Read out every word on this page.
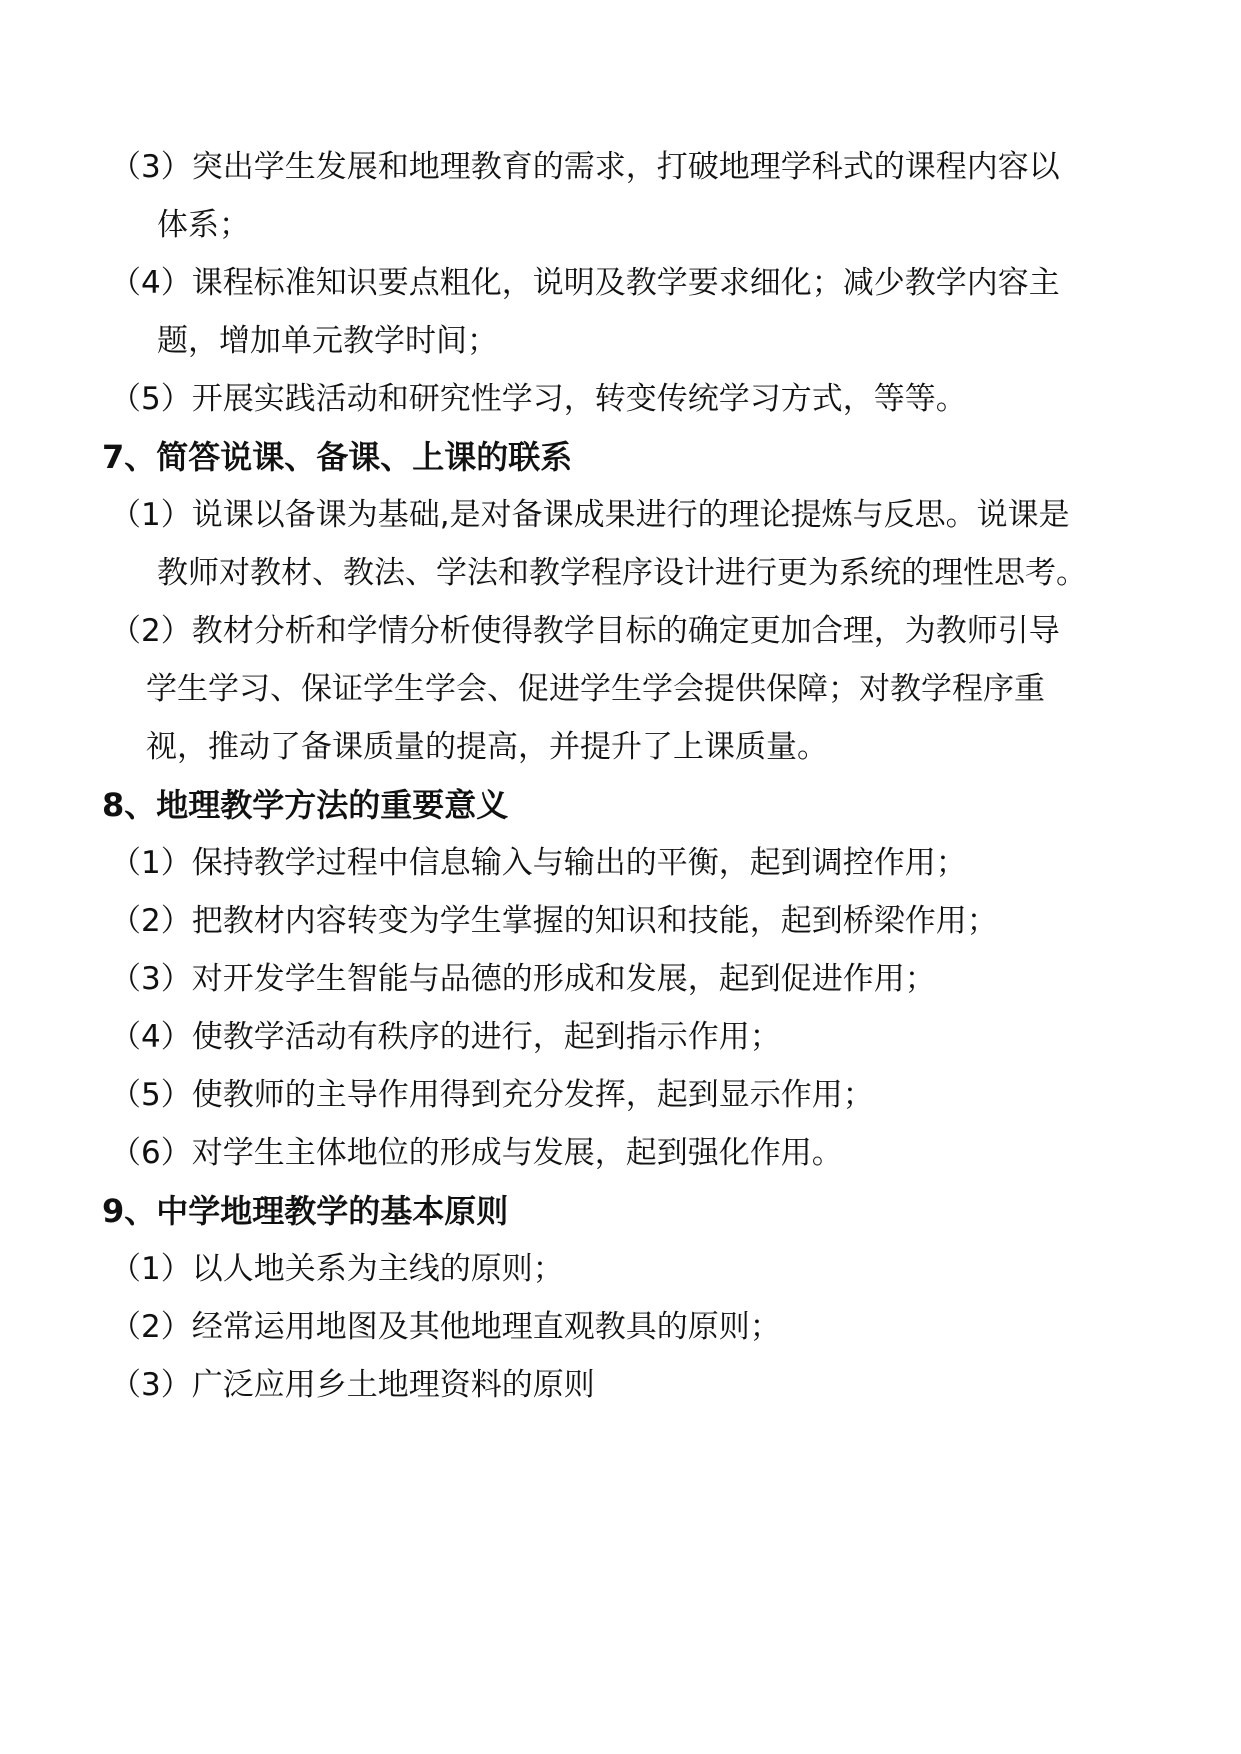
（3）突出学生发展和地理教育的需求，打破地理学科式的课程内容以
体系；
（4）课程标准知识要点粗化，说明及教学要求细化；减少教学内容主
题，增加单元教学时间；
（5）开展实践活动和研究性学习，转变传统学习方式，等等。
7、简答说课、备课、上课的联系
（1）说课以备课为基础,是对备课成果进行的理论提炼与反思。说课是
教师对教材、教法、学法和教学程序设计进行更为系统的理性思考。
（2）教材分析和学情分析使得教学目标的确定更加合理，为教师引导
学生学习、保证学生学会、促进学生学会提供保障；对教学程序重
视，推动了备课质量的提高，并提升了上课质量。
8、地理教学方法的重要意义
（1）保持教学过程中信息输入与输出的平衡，起到调控作用；
（2）把教材内容转变为学生掌握的知识和技能，起到桥梁作用；
（3）对开发学生智能与品德的形成和发展，起到促进作用；
（4）使教学活动有秩序的进行，起到指示作用；
（5）使教师的主导作用得到充分发挥，起到显示作用；
（6）对学生主体地位的形成与发展，起到强化作用。
9、中学地理教学的基本原则
（1）以人地关系为主线的原则；
（2）经常运用地图及其他地理直观教具的原则；
（3）广泛应用乡土地理资料的原则
